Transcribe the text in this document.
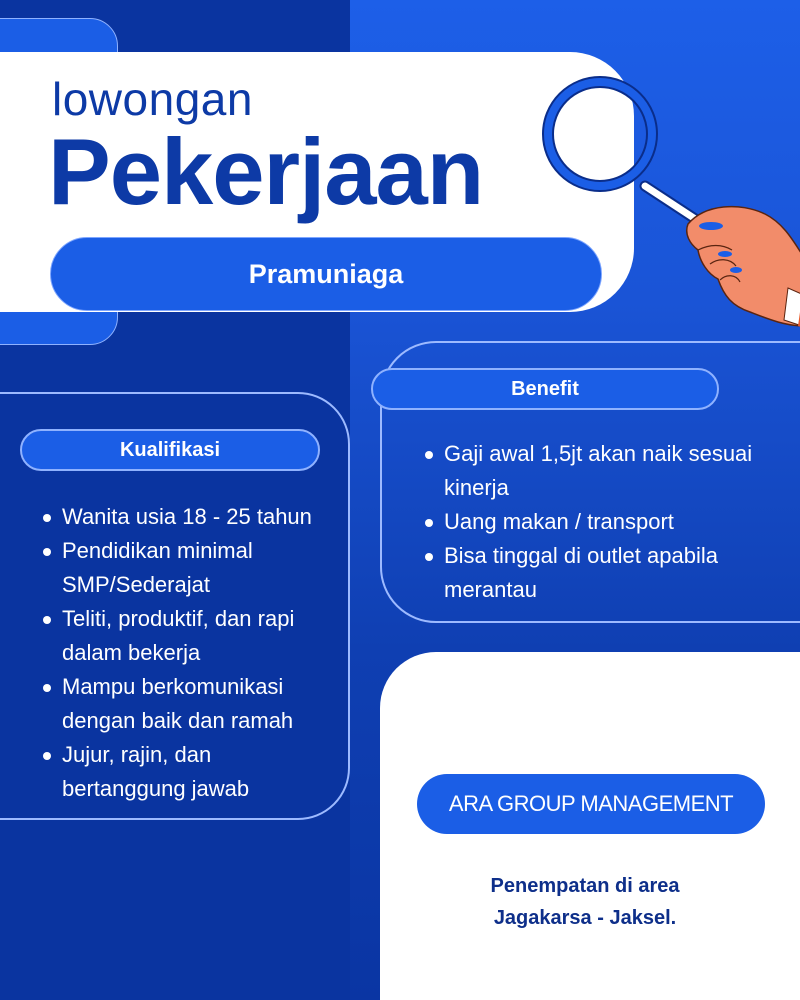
lowongan
Pekerjaan
Pramuniaga
Kualifikasi
Wanita usia 18 - 25 tahun
Pendidikan minimal SMP/Sederajat
Teliti, produktif, dan rapi dalam bekerja
Mampu berkomunikasi dengan baik dan ramah
Jujur, rajin, dan bertanggung jawab
Benefit
Gaji awal 1,5jt akan naik sesuai kinerja
Uang makan / transport
Bisa tinggal di outlet apabila merantau
ARA GROUP MANAGEMENT
Penempatan di area
Jagakarsa - Jaksel.
